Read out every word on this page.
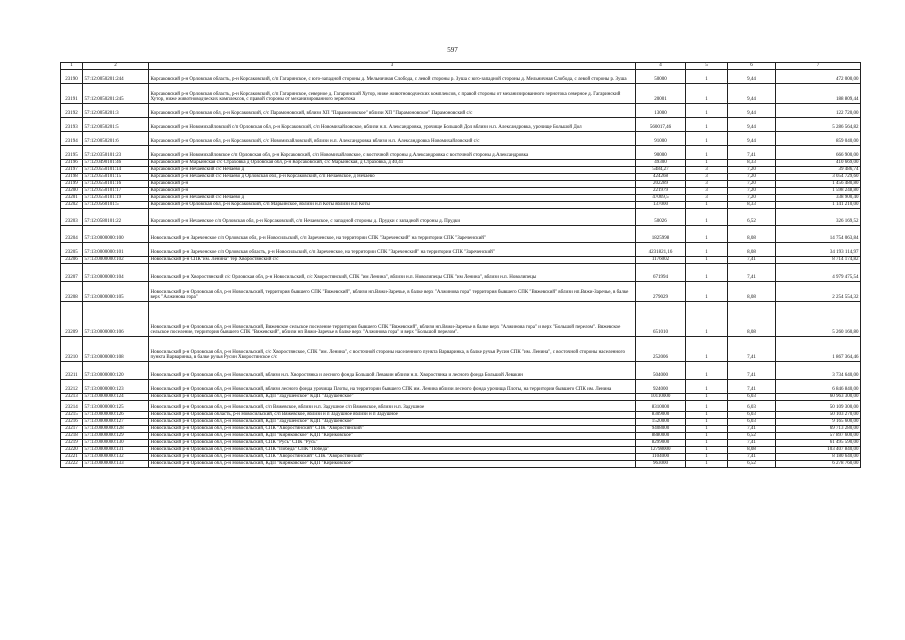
597
1	2	3	4	5	6	7
23190	57:12:0050201:244	Корсаковский р-н Орловская область, р-н Корсаковский, с/п Гагаринское, с юго-западной стороны д. Мельничная Слобода, с левой стороны р. Зуша с юго-западной стороны д. Мельничная Слобода, с левой стороны р. Зуша	50000	1	9,44	472 000,00
23191	57:12:0050201:245	Корсаковский р-н Орловская область, р-н Корсаковский, с/п Гагаринское, северное д. Гагаринский Хутор, ниже животноводческих комплексов, с правой стороны от механизированного зернотока северное д. Гагаринский Хутор, ниже животноводческих комплексов, с правой стороны от механизированного зернотока	20001	1	9,44	188 809,44
23192	57:12:0050201:3	Корсаковский р-н Орловская обл, р-н Корсаковский, с/с Парамоновский, вблизи ХП "Парамоновское" вблизи ХП "Парамоновское" Парамоновский с/с	13000	1	9,44	122 720,00
23193	57:12:0050201:5	Корсаковский р-н Новомихайловский с/п Орловская обл, р-н Корсаковский, с/п Новомихайловское, вблизи н.п. Александровка, урочище Большой Дол вблизи н.п. Александровка, урочище Большой Дол	560017,46	1	9,44	5 286 564,82
23194	57:12:0050201:6	Корсаковский р-н Орловская обл, р-н Корсаковский, с/с Новомихайловский, вблизи н.п. Александровка вблизи н.п. Александровка Новомихайловский с/с	91000	1	9,44	859 040,00
23195	57:12:0350101:23	Корсаковский р-н Новомихайловское с/п Орловская обл, р-н Корсаковский, с/п Новомихайловское, с восточной стороны д.Александровка с восточной стороны д.Александровка	90000	1	7,41	666 900,00
23196	57:12:0490101:46	Корсаковский р-н Марьинская с/с Страховка д Орловская обл, р-н Корсаковский, с/с Марьинская, д Страховка, д 40,41	49300	1	8,33	410 669,00
23197	57:12:0550101:14	Корсаковский р-н Нечаевский с/с Нечаево д	5484,27	3	7,20	39 486,74
23198	57:12:0550101:15	Корсаковский р-н Нечаевский с/с Нечаево д Орловская обл, р-н Корсаковский, с/п Нечаевское, д Нечаево	424268	3	7,20	3 054 729,60
23199	57:12:0550101:16	Корсаковский р-н	202289	3	7,20	1 456 480,80
23200	57:12:0550101:17	Корсаковский р-н	221979	3	7,20	1 598 248,80
23201	57:12:0550101:19	Корсаковский р-н Нечаевский с/с Нечаево д	47069,5	3	7,20	338 900,40
23202	57:12:0560101:5	Корсаковский р-н Орловская обл, р-н Корсаковский, с/п Марьинское, вблизи н.п Коты вблизи н.п Коты	137000	1	8,33	1 141 210,00
23203	57:12:0580101:22	Корсаковский р-н Нечаевское с/п Орловская обл, р-н Корсаковский, с/п Нечаевское, с западной стороны д. Прудки с западной стороны д. Прудки	50026	1	6,52	326 169,52
23204	57:13:0000000:100	Новосильский р-н Зареченское с/п Орловская обл, р-н Новосильский, с/п Зареченское, на территории СПК "Зареченский" на территории СПК "Зареченский"	1825998	1	8,08	14 754 063,84
23205	57:13:0000000:101	Новосильский р-н Зареченское с/п Орловская область, р-н Новосильский, с/п Зареченское, на территории СПК "Зареченский" на территории СПК "Зареченский"	4231821,16	1	8,08	34 193 114,97
23206	57:13:0000000:102	Новосильский р-н СПК"им. Ленина" тер Хворостянский с/с	1176002	1	7,41	8 714 174,82
23207	57:13:0000000:104	Новосильский р-н Хворостянский с/с Орловская обл, р-н Новосильский, с/с Хворостянский, СПК "им Ленина", вблизи н.п. Новолипецы СПК "им Ленина", вблизи н.п. Новолипецы	671994	1	7,41	4 979 475,54
23208	57:13:0000000:105	Новосильский р-н Орловская обл, р-н Новосильский, территория бывшего СПК "Вяжевский", вблизи нп.Вяжи-Заречье, в балке верх "Алжинова гора" территория бывшего СПК "Вяжевский" вблизи нп.Вяжи-Заречье, в балке верх "Алжинова гора"	279029	1	8,08	2 254 554,32
23209	57:13:0000000:106	Новосильский р-н Орловская обл, р-н Новосильский, Вяжевское сельское поселение территория бывшего СПК "Вяжевский", вблизи нп.Вяжи-Заречье в балке верх "Алжинова гора" и верх "Большой перелом". Вяжевское сельское поселение, территория бывшего СПК "Вяжевский", вблизи нп Вяжи-Заречье в балке верх "Алжинова гора" и верх "Большой перелом".	651010	1	8,08	5 260 160,80
23210	57:13:0000000:108	Новосильский р-н Орловская обл, р-н Новосильский, с/с Хворостянское, СПК "им. Ленина", с восточной стороны населенного пункта Варваринка, в балке ручья Русин СПК "им. Ленина", с восточной стороны населенного пункта Варваринка, в балке ручья Русин Хворостянское с/с	252006	1	7,41	1 867 364,46
23211	57:13:0000000:120	Новосильский р-н Орловская обл, р-н Новосильский, вблизи н.п. Хворостянка и лесного фонда Большой Левакин вблизи н.п. Хворостянка и лесного фонда Большой Левакин	504000	1	7,41	3 734 640,00
23212	57:13:0000000:123	Новосильский р-н Орловская обл, р-н Новосильский, вблизи лесного фонда урочища Плоты, на территории бывшего СПК им. Ленина вблизи лесного фонда урочища Плоты, на территории бывшего СПК им. Ленина	924000	1	7,41	6 846 840,00
23213	57:13:0000000:124	Новосильский р-н Орловская обл, р-н Новосильский, КДП "Задушенское" КДП "Задушенское"	10110000	1	6,03	60 963 300,00
23214	57:13:0000000:125	Новосильский р-н Орловская обл, р-н Новосильский, с/п Вяжевское, вблизи н.п. Задушное с/п Вяжевское, вблизи н.п. Задушное	8310000	1	6,03	50 109 300,00
23215	57:13:0000000:126	Новосильский р-н Орловская область, р-н Новосильский, с/п Вяжевское, вблизи н п Задушное вблизи н п Задушное	8309000	1	6,03	50 103 270,00
23216	57:13:0000000:127	Новосильский р-н Орловская обл, р-н Новосильский, КДП "Задушенское" КДП "Задушенское"	1520000	1	6,03	9 165 600,00
23217	57:13:0000000:128	Новосильский р-н Орловская обл, р-н Новосильский, СПК "Хворостянский" СПК "Хворостянский"	9408000	1	7,41	69 713 280,00
23218	57:13:0000000:129	Новосильский р-н Орловская обл, р-н Новосильский, КДП "Кирнковское" КДП "Кирнковское"	8880000	1	6,52	57 897 600,00
23219	57:13:0000000:130	Новосильский р-н Орловская обл, р-н Новосильский, СПК "Русь" СПК "Русь"	8299000	1	7,41	61 495 590,00
23220	57:13:0000000:131	Новосильский р-н Орловская обл, р-н Новосильский, СПК "Победа" СПК "Победа"	12798000	1	8,08	103 407 840,00
23221	57:13:0000000:132	Новосильский р-н Орловская обл, р-н Новосильский, СПК "Хворостянский" СПК "Хворостянский"	1104000	1	7,41	8 180 640,00
23222	57:13:0000000:133	Новосильский р-н Орловская обл, р-н Новосильский, КДП "Кирнковское" КДП "Кирнковское"	963000	1	6,52	6 278 760,00
